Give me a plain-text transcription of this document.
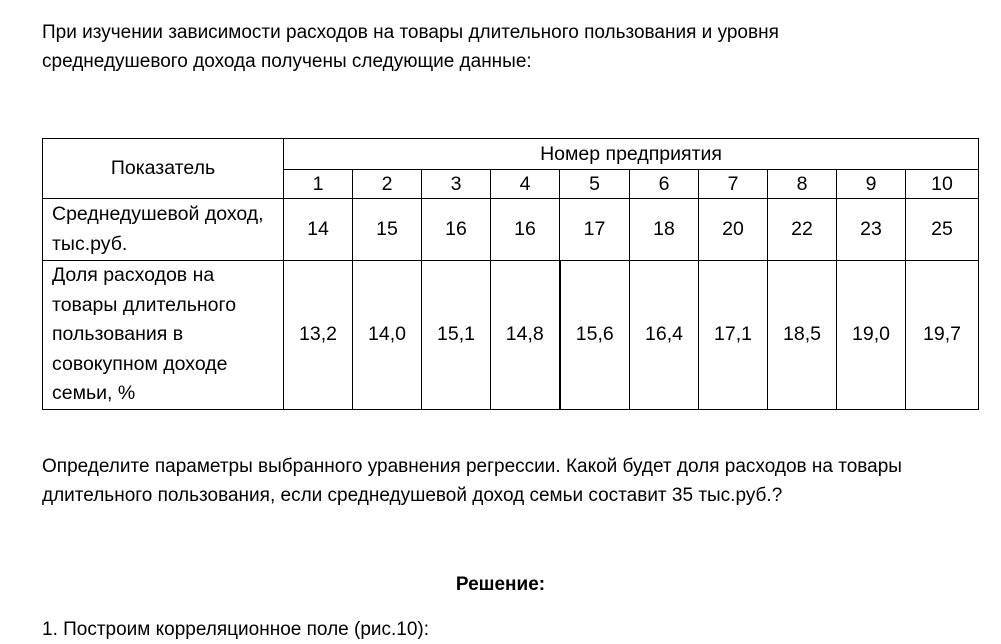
При изучении зависимости расходов на товары длительного пользования и уровня среднедушевого дохода получены следующие данные:

Показатель	Номер предприятия									
	1	2	3	4	5	6	7	8	9	10
Среднедушевой доход, тыс.руб.	14	15	16	16	17	18	20	22	23	25
Доля расходов на товары длительного пользования в совокупном доходе семьи, %	13,2	14,0	15,1	14,8	15,6	16,4	17,1	18,5	19,0	19,7

Определите параметры выбранного уравнения регрессии. Какой будет доля расходов на товары длительного пользования, если среднедушевой доход семьи составит 35 тыс.руб.?

Решение:

1. Построим корреляционное поле (рис.10):
